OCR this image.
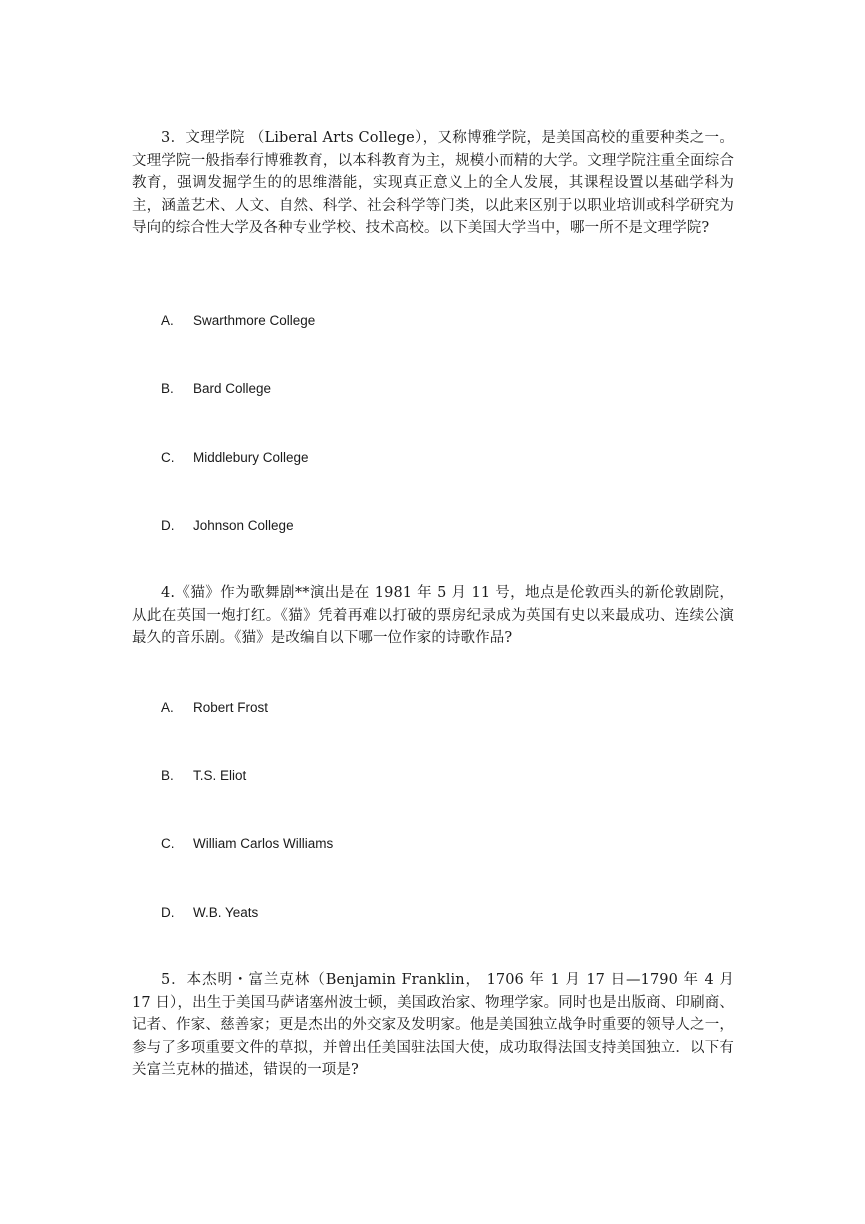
3．文理学院 （Liberal Arts College），又称博雅学院，是美国高校的重要种类之一。文理学院一般指奉行博雅教育，以本科教育为主，规模小而精的大学。文理学院注重全面综合教育，强调发掘学生的的思维潜能，实现真正意义上的全人发展，其课程设置以基础学科为主，涵盖艺术、人文、自然、科学、社会科学等门类，以此来区别于以职业培训或科学研究为导向的综合性大学及各种专业学校、技术高校。以下美国大学当中，哪一所不是文理学院?

A. Swarthmore College
B. Bard College
C. Middlebury College
D. Johnson College

4.《猫》作为歌舞剧**演出是在 1981 年 5 月 11 号，地点是伦敦西头的新伦敦剧院，从此在英国一炮打红。《猫》凭着再难以打破的票房纪录成为英国有史以来最成功、连续公演最久的音乐剧。《猫》是改编自以下哪一位作家的诗歌作品?

A. Robert Frost
B. T.S. Eliot
C. William Carlos Williams
D. W.B. Yeats

5．本杰明・富兰克林（Benjamin Franklin， 1706 年 1 月 17 日—1790 年 4 月 17 日），出生于美国马萨诸塞州波士顿，美国政治家、物理学家。同时也是出版商、印刷商、记者、作家、慈善家；更是杰出的外交家及发明家。他是美国独立战争时重要的领导人之一，参与了多项重要文件的草拟，并曾出任美国驻法国大使，成功取得法国支持美国独立．以下有关富兰克林的描述，错误的一项是?
